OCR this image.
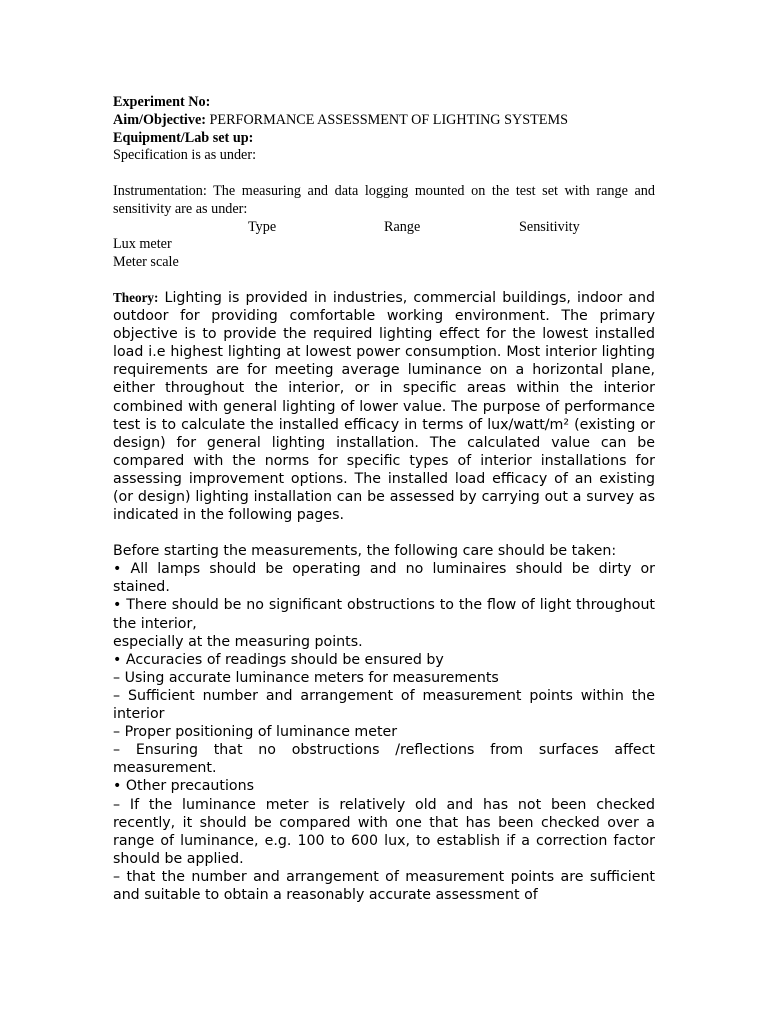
Experiment No:
Aim/Objective: PERFORMANCE ASSESSMENT OF LIGHTING SYSTEMS
Equipment/Lab set up:
Specification is as under:

Instrumentation: The measuring and data logging mounted on the test set with range and sensitivity are as under:

Type	Range	Sensitivity
Lux meter
Meter scale

Theory: Lighting is provided in industries, commercial buildings, indoor and outdoor for providing comfortable working environment. The primary objective is to provide the required lighting effect for the lowest installed load i.e highest lighting at lowest power consumption. Most interior lighting requirements are for meeting average luminance on a horizontal plane, either throughout the interior, or in specific areas within the interior combined with general lighting of lower value. The purpose of performance test is to calculate the installed efficacy in terms of lux/watt/m² (existing or design) for general lighting installation. The calculated value can be compared with the norms for specific types of interior installations for assessing improvement options. The installed load efficacy of an existing (or design) lighting installation can be assessed by carrying out a survey as indicated in the following pages.

Before starting the measurements, the following care should be taken:

• All lamps should be operating and no luminaires should be dirty or stained.

• There should be no significant obstructions to the flow of light throughout the interior,

especially at the measuring points.

• Accuracies of readings should be ensured by

– Using accurate luminance meters for measurements

– Sufficient number and arrangement of measurement points within the interior

– Proper positioning of luminance meter

– Ensuring that no obstructions /reflections from surfaces affect measurement.

• Other precautions

– If the luminance meter is relatively old and has not been checked recently, it should be compared with one that has been checked over a range of luminance, e.g. 100 to 600 lux, to establish if a correction factor should be applied.

– that the number and arrangement of measurement points are sufficient and suitable to obtain a reasonably accurate assessment of
